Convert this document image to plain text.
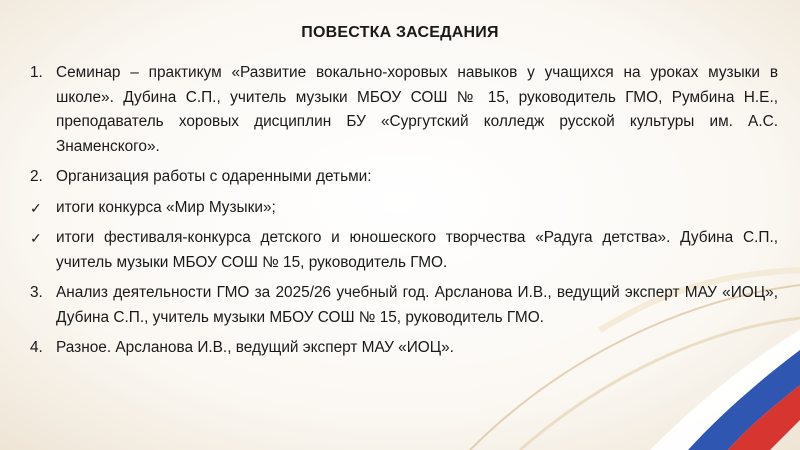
ПОВЕСТКА ЗАСЕДАНИЯ
1. Семинар – практикум «Развитие вокально-хоровых навыков у учащихся на уроках музыки в школе». Дубина С.П., учитель музыки МБОУ СОШ № 15, руководитель ГМО, Румбина Н.Е., преподаватель хоровых дисциплин БУ «Сургутский колледж русской культуры им. А.С. Знаменского».
2. Организация работы с одаренными детьми:
✓ итоги конкурса «Мир Музыки»;
✓ итоги фестиваля-конкурса детского и юношеского творчества «Радуга детства». Дубина С.П., учитель музыки МБОУ СОШ № 15, руководитель ГМО.
3. Анализ деятельности ГМО за 2025/26 учебный год. Арсланова И.В., ведущий эксперт МАУ «ИОЦ», Дубина С.П., учитель музыки МБОУ СОШ № 15, руководитель ГМО.
4. Разное. Арсланова И.В., ведущий эксперт МАУ «ИОЦ».
